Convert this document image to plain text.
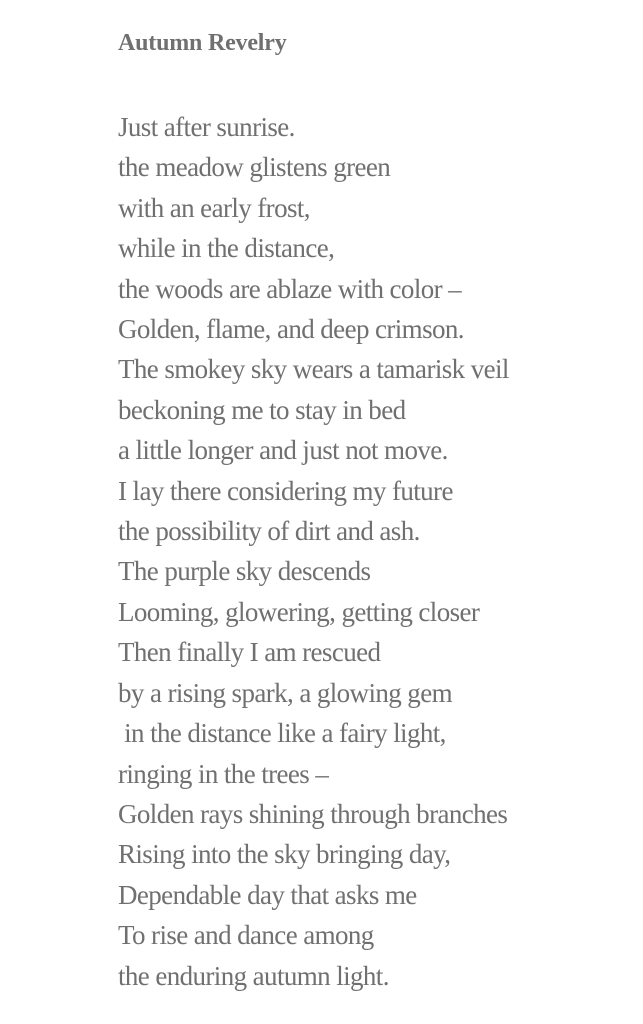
Autumn Revelry
Just after sunrise.
the meadow glistens green
with an early frost,
while in the distance,
the woods are ablaze with color –
Golden, flame, and deep crimson.
The smokey sky wears a tamarisk veil
beckoning me to stay in bed
a little longer and just not move.
I lay there considering my future
the possibility of dirt and ash.
The purple sky descends
Looming, glowering, getting closer
Then finally I am rescued
by a rising spark, a glowing gem
in the distance like a fairy light,
ringing in the trees –
Golden rays shining through branches
Rising into the sky bringing day,
Dependable day that asks me
To rise and dance among
the enduring autumn light.
